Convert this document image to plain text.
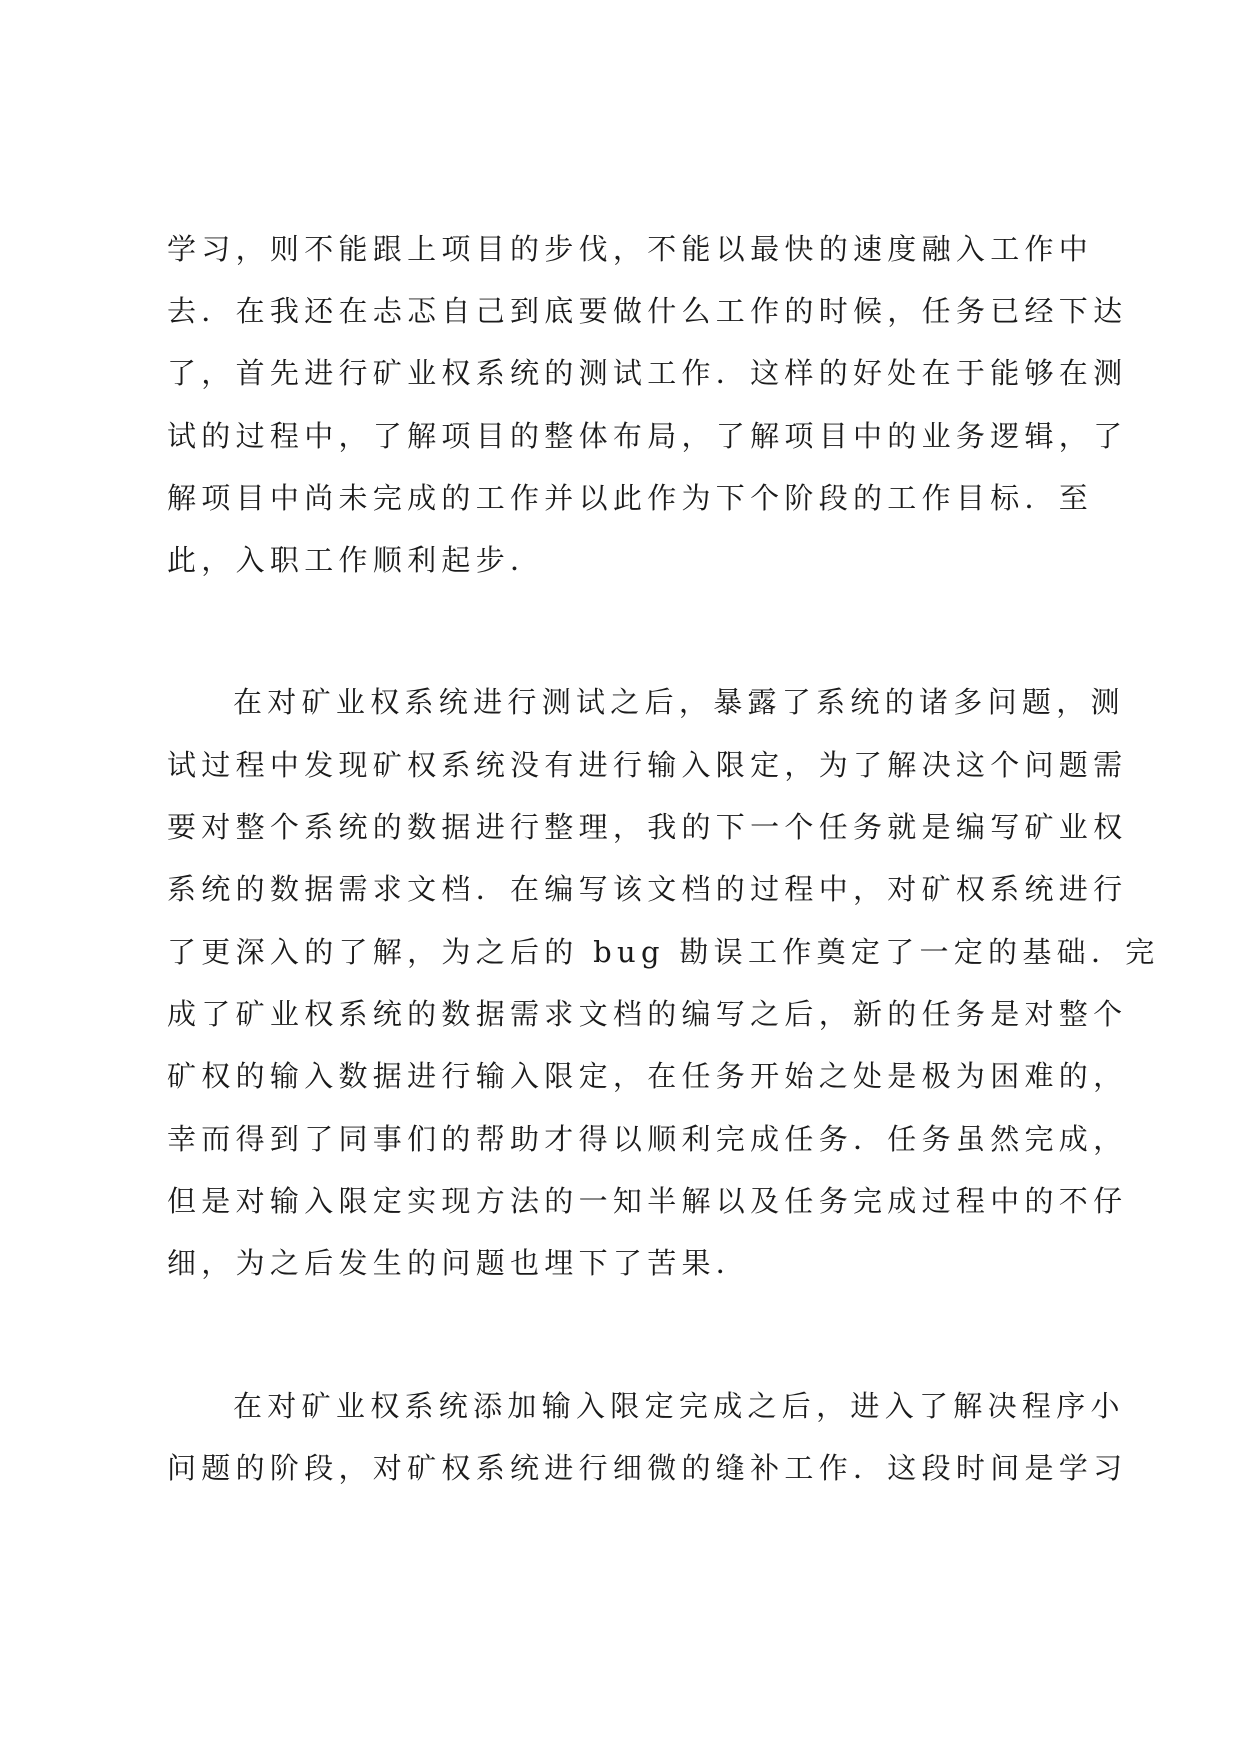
学习，则不能跟上项目的步伐，不能以最快的速度融入工作中
去．在我还在忐忑自己到底要做什么工作的时候，任务已经下达
了，首先进行矿业权系统的测试工作．这样的好处在于能够在测
试的过程中，了解项目的整体布局，了解项目中的业务逻辑，了
解项目中尚未完成的工作并以此作为下个阶段的工作目标．至
此，入职工作顺利起步．
在对矿业权系统进行测试之后，暴露了系统的诸多问题，测
试过程中发现矿权系统没有进行输入限定，为了解决这个问题需
要对整个系统的数据进行整理，我的下一个任务就是编写矿业权
系统的数据需求文档．在编写该文档的过程中，对矿权系统进行
了更深入的了解，为之后的 bug 勘误工作奠定了一定的基础．完
成了矿业权系统的数据需求文档的编写之后，新的任务是对整个
矿权的输入数据进行输入限定，在任务开始之处是极为困难的，
幸而得到了同事们的帮助才得以顺利完成任务．任务虽然完成，
但是对输入限定实现方法的一知半解以及任务完成过程中的不仔
细，为之后发生的问题也埋下了苦果．
在对矿业权系统添加输入限定完成之后，进入了解决程序小
问题的阶段，对矿权系统进行细微的缝补工作．这段时间是学习
